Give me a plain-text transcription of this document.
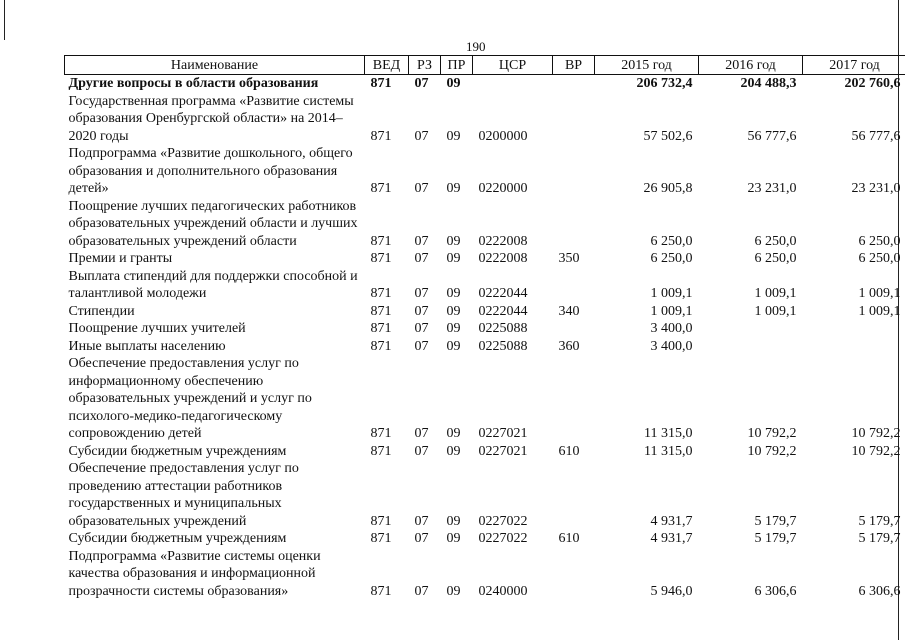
190
Наименование	ВЕД	РЗ	ПР	ЦСР	ВР	2015 год	2016 год	2017 год
Другие вопросы в области образования	871	07	09			206 732,4	204 488,3	202 760,6
Государственная программа «Развитие системы образования Оренбургской области» на 2014–2020 годы	871	07	09	0200000		57 502,6	56 777,6	56 777,6
Подпрограмма «Развитие дошкольного, общего образования и дополнительного образования детей»	871	07	09	0220000		26 905,8	23 231,0	23 231,0
Поощрение лучших педагогических работников образовательных учреждений области и лучших образовательных учреждений области	871	07	09	0222008		6 250,0	6 250,0	6 250,0
Премии и гранты	871	07	09	0222008	350	6 250,0	6 250,0	6 250,0
Выплата стипендий для поддержки способной и талантливой молодежи	871	07	09	0222044		1 009,1	1 009,1	1 009,1
Стипендии	871	07	09	0222044	340	1 009,1	1 009,1	1 009,1
Поощрение лучших учителей	871	07	09	0225088		3 400,0		
Иные выплаты населению	871	07	09	0225088	360	3 400,0		
Обеспечение предоставления услуг по информационному обеспечению образовательных учреждений и услуг по психолого-медико-педагогическому сопровождению детей	871	07	09	0227021		11 315,0	10 792,2	10 792,2
Субсидии бюджетным учреждениям	871	07	09	0227021	610	11 315,0	10 792,2	10 792,2
Обеспечение предоставления услуг по проведению аттестации работников государственных и муниципальных образовательных учреждений	871	07	09	0227022		4 931,7	5 179,7	5 179,7
Субсидии бюджетным учреждениям	871	07	09	0227022	610	4 931,7	5 179,7	5 179,7
Подпрограмма «Развитие системы оценки качества образования и информационной прозрачности системы образования»	871	07	09	0240000		5 946,0	6 306,6	6 306,6
